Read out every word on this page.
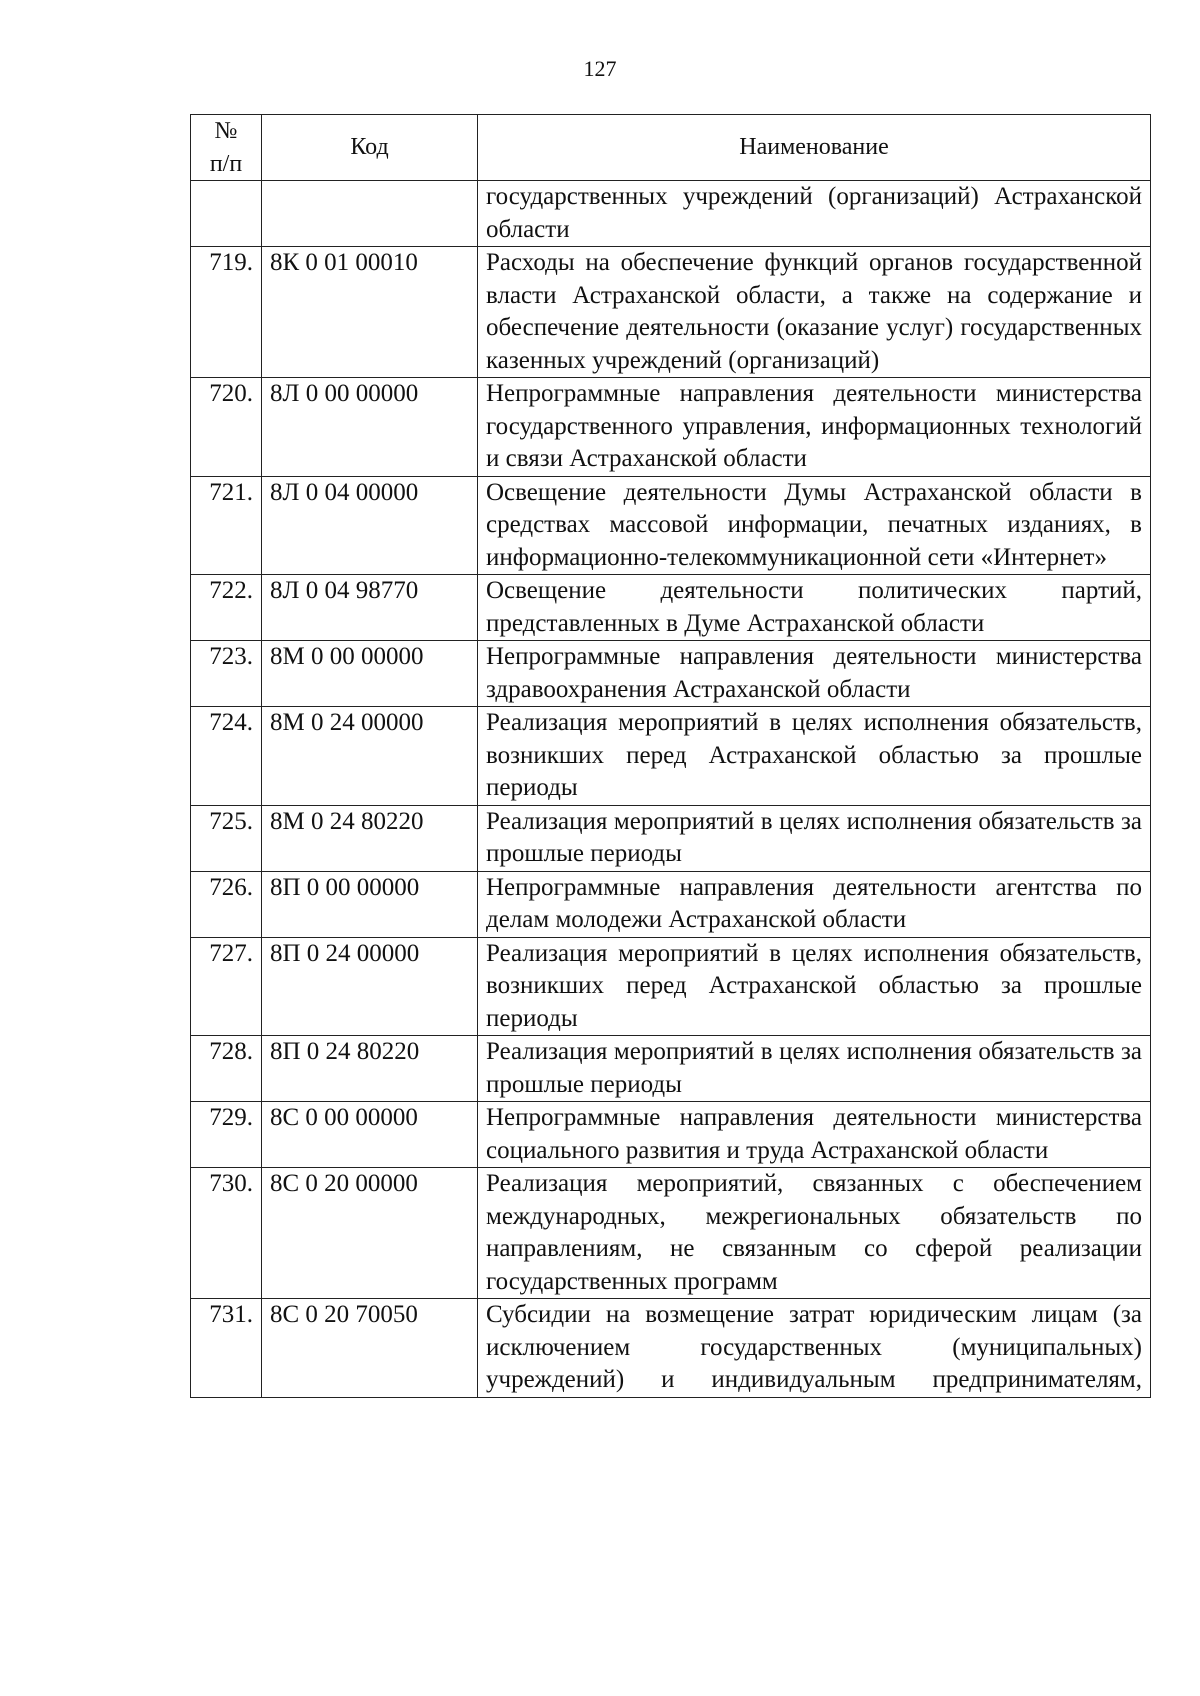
127
№
п/п	Код	Наименование
		государственных учреждений (организаций) Астраханской области
719.	8К 0 01 00010	Расходы на обеспечение функций органов государственной власти Астраханской области, а также на содержание и обеспечение деятельности (оказание услуг) государственных казенных учреждений (организаций)
720.	8Л 0 00 00000	Непрограммные направления деятельности министерства государственного управления, информационных технологий и связи Астраханской области
721.	8Л 0 04 00000	Освещение деятельности Думы Астраханской области в средствах массовой информации, печатных изданиях, в информационно-телекоммуникационной сети «Интернет»
722.	8Л 0 04 98770	Освещение деятельности политических партий, представленных в Думе Астраханской области
723.	8М 0 00 00000	Непрограммные направления деятельности министерства здравоохранения Астраханской области
724.	8М 0 24 00000	Реализация мероприятий в целях исполнения обязательств, возникших перед Астраханской областью за прошлые периоды
725.	8М 0 24 80220	Реализация мероприятий в целях исполнения обязательств за прошлые периоды
726.	8П 0 00 00000	Непрограммные направления деятельности агентства по делам молодежи Астраханской области
727.	8П 0 24 00000	Реализация мероприятий в целях исполнения обязательств, возникших перед Астраханской областью за прошлые периоды
728.	8П 0 24 80220	Реализация мероприятий в целях исполнения обязательств за прошлые периоды
729.	8С 0 00 00000	Непрограммные направления деятельности министерства социального развития и труда Астраханской области
730.	8С 0 20 00000	Реализация мероприятий, связанных с обеспечением международных, межрегиональных обязательств по направлениям, не связанным со сферой реализации государственных программ
731.	8С 0 20 70050	Субсидии на возмещение затрат юридическим лицам (за исключением государственных (муниципальных) учреждений) и индивидуальным предпринимателям,
